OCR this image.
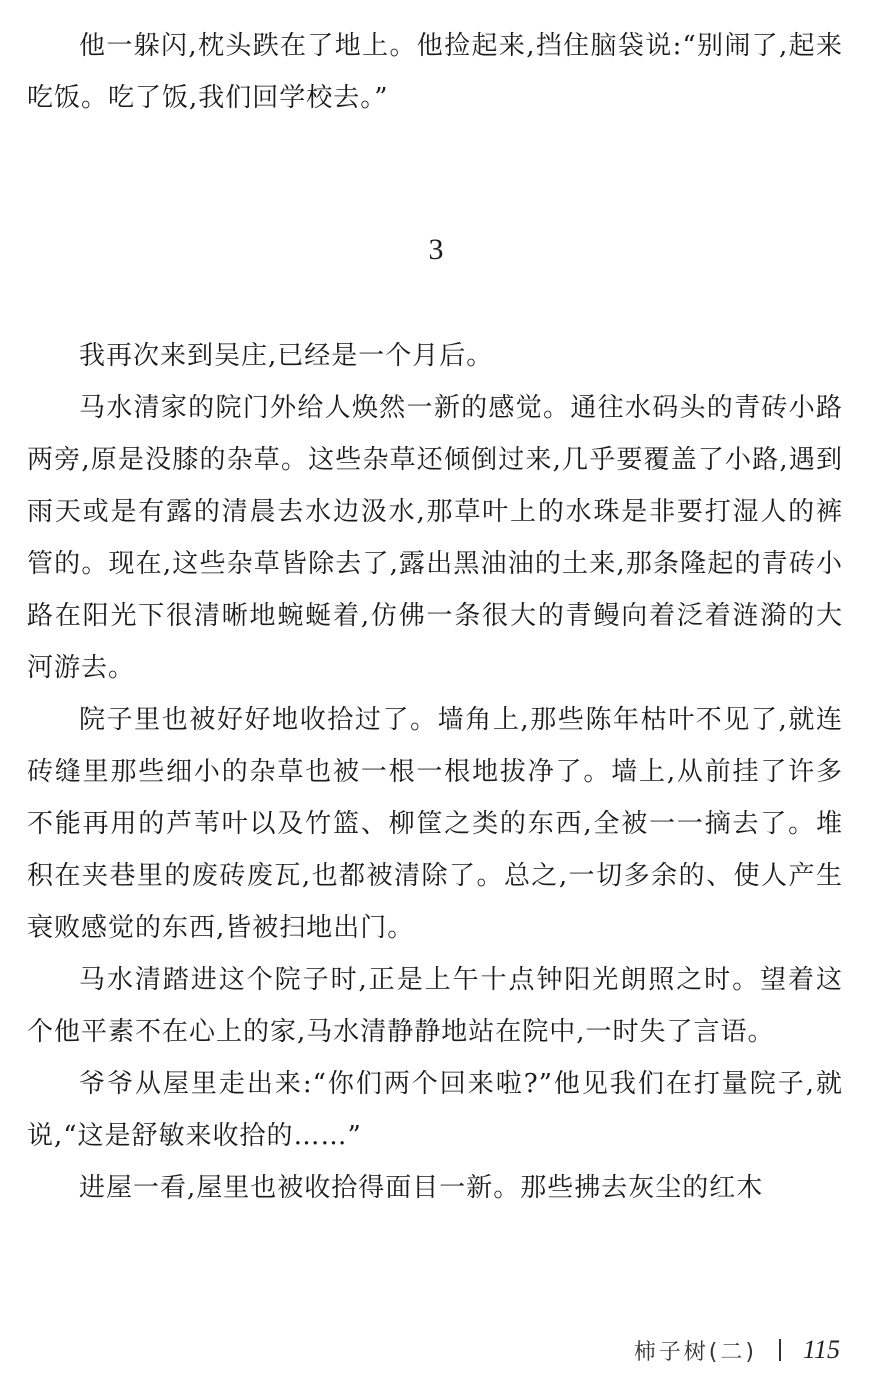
他一躲闪,枕头跌在了地上。他捡起来,挡住脑袋说:“别闹了,起来吃饭。吃了饭,我们回学校去。”

3

我再次来到吴庄,已经是一个月后。

马水清家的院门外给人焕然一新的感觉。通往水码头的青砖小路两旁,原是没膝的杂草。这些杂草还倾倒过来,几乎要覆盖了小路,遇到雨天或是有露的清晨去水边汲水,那草叶上的水珠是非要打湿人的裤管的。现在,这些杂草皆除去了,露出黑油油的土来,那条隆起的青砖小路在阳光下很清晰地蜿蜒着,仿佛一条很大的青鳗向着泛着涟漪的大河游去。

院子里也被好好地收拾过了。墙角上,那些陈年枯叶不见了,就连砖缝里那些细小的杂草也被一根一根地拔净了。墙上,从前挂了许多不能再用的芦苇叶以及竹篮、柳筐之类的东西,全被一一摘去了。堆积在夹巷里的废砖废瓦,也都被清除了。总之,一切多余的、使人产生衰败感觉的东西,皆被扫地出门。

马水清踏进这个院子时,正是上午十点钟阳光朗照之时。望着这个他平素不在心上的家,马水清静静地站在院中,一时失了言语。

爷爷从屋里走出来:“你们两个回来啦?”他见我们在打量院子,就说,“这是舒敏来收拾的……”

进屋一看,屋里也被收拾得面目一新。那些拂去灰尘的红木

柿子树(二) 115
